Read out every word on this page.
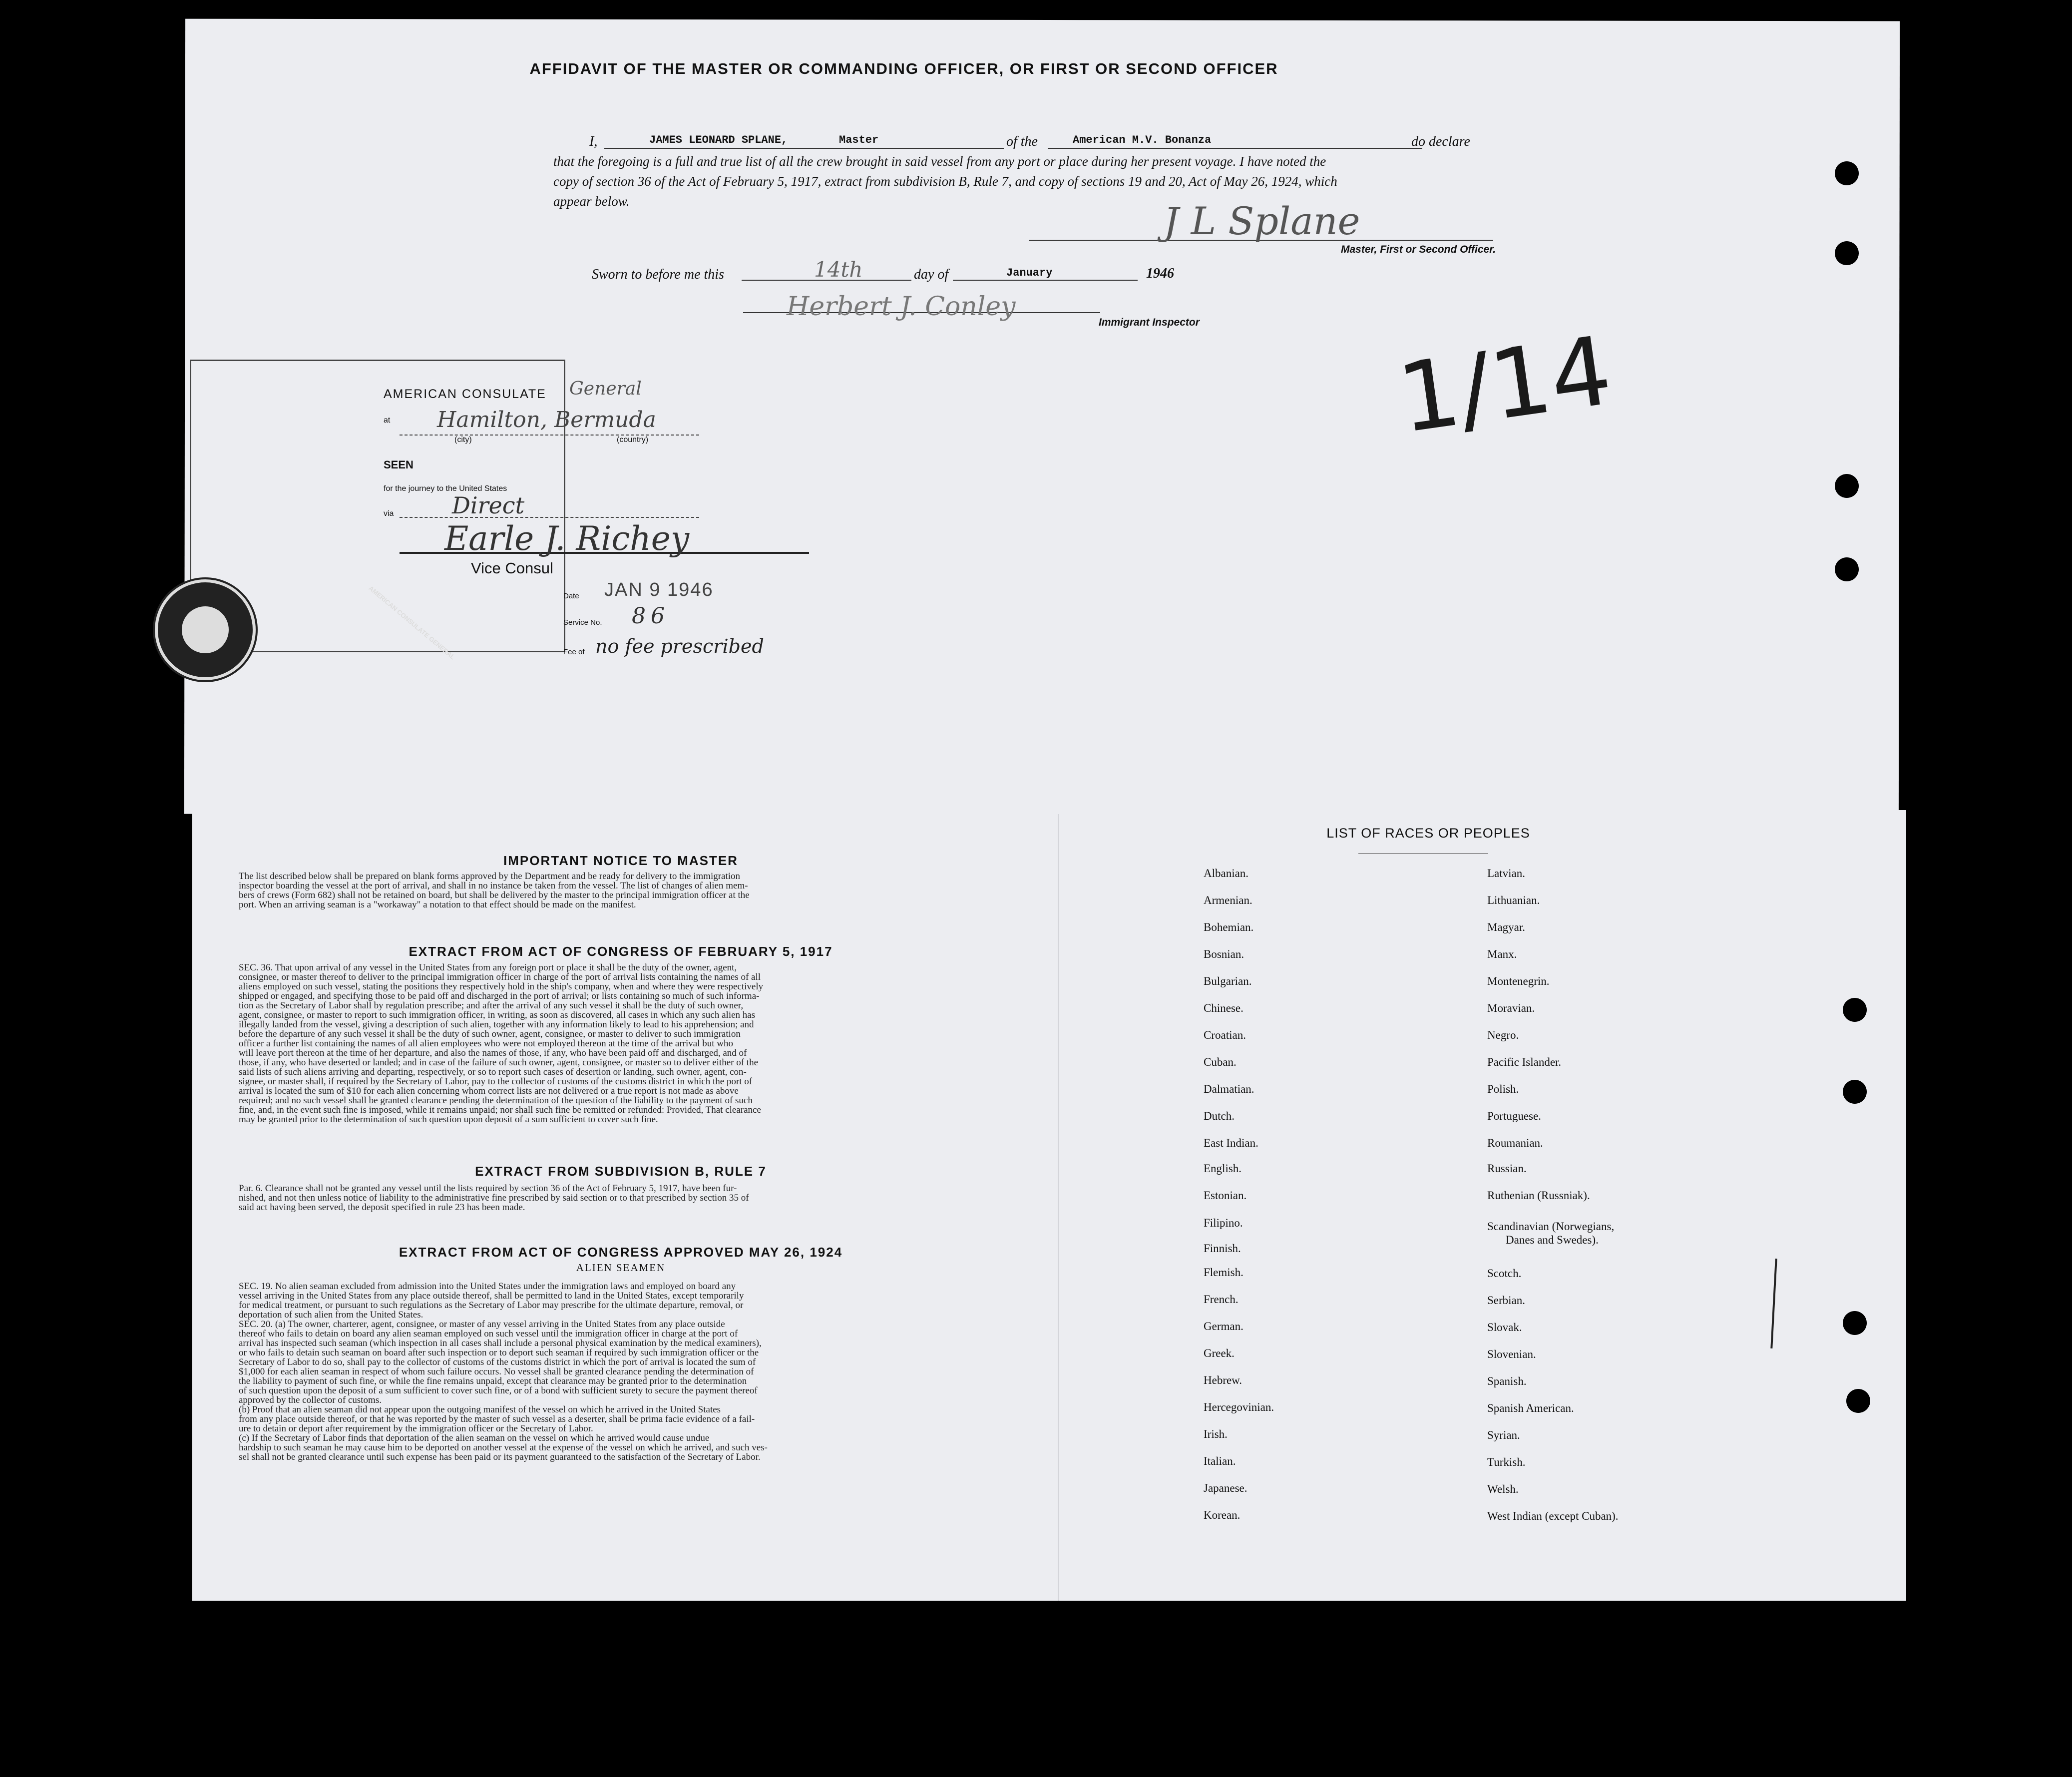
AFFIDAVIT OF THE MASTER OR COMMANDING OFFICER, OR FIRST OR SECOND OFFICER
I,	JAMES LEONARD SPLANE,	Master	of the	American M.V. Bonanza	do declare
that the foregoing is a full and true list of all the crew brought in said vessel from any port or place during her present voyage. I have noted the
copy of section 36 of the Act of February 5, 1917, extract from subdivision B, Rule 7, and copy of sections 19 and 20, Act of May 26, 1924, which
appear below.	J L Splane
Master, First or Second Officer.
Sworn to before me this	14th	day of	January	1946
Herbert J. Conley
Immigrant Inspector 1/14
AMERICAN CONSULATE General
at Hamilton, Bermuda
(city)	(country)
SEEN
for the journey to the United States
via	Direct
Earle J. Richey
Vice Consul
Date JAN 9 1946
Service No. 86
Fee of no fee prescribed
AMERICAN CONSULATE GENERAL
IMPORTANT NOTICE TO MASTER
The list described below shall be prepared on blank forms approved by the Department and be ready for delivery to the immigration
inspector boarding the vessel at the port of arrival, and shall in no instance be taken from the vessel. The list of changes of alien mem-
bers of crews (Form 682) shall not be retained on board, but shall be delivered by the master to the principal immigration officer at the
port. When an arriving seaman is a "workaway" a notation to that effect should be made on the manifest.
EXTRACT FROM ACT OF CONGRESS OF FEBRUARY 5, 1917
SEC. 36. That upon arrival of any vessel in the United States from any foreign port or place it shall be the duty of the owner, agent,
consignee, or master thereof to deliver to the principal immigration officer in charge of the port of arrival lists containing the names of all
aliens employed on such vessel, stating the positions they respectively hold in the ship's company, when and where they were respectively
shipped or engaged, and specifying those to be paid off and discharged in the port of arrival; or lists containing so much of such informa-
tion as the Secretary of Labor shall by regulation prescribe; and after the arrival of any such vessel it shall be the duty of such owner,
agent, consignee, or master to report to such immigration officer, in writing, as soon as discovered, all cases in which any such alien has
illegally landed from the vessel, giving a description of such alien, together with any information likely to lead to his apprehension; and
before the departure of any such vessel it shall be the duty of such owner, agent, consignee, or master to deliver to such immigration
officer a further list containing the names of all alien employees who were not employed thereon at the time of the arrival but who
will leave port thereon at the time of her departure, and also the names of those, if any, who have been paid off and discharged, and of
those, if any, who have deserted or landed; and in case of the failure of such owner, agent, consignee, or master so to deliver either of the
said lists of such aliens arriving and departing, respectively, or so to report such cases of desertion or landing, such owner, agent, con-
signee, or master shall, if required by the Secretary of Labor, pay to the collector of customs of the customs district in which the port of
arrival is located the sum of $10 for each alien concerning whom correct lists are not delivered or a true report is not made as above
required; and no such vessel shall be granted clearance pending the determination of the question of the liability to the payment of such
fine, and, in the event such fine is imposed, while it remains unpaid; nor shall such fine be remitted or refunded: Provided, That clearance
may be granted prior to the determination of such question upon deposit of a sum sufficient to cover such fine.
EXTRACT FROM SUBDIVISION B, RULE 7
Par. 6. Clearance shall not be granted any vessel until the lists required by section 36 of the Act of February 5, 1917, have been fur-
nished, and not then unless notice of liability to the administrative fine prescribed by said section or to that prescribed by section 35 of
said act having been served, the deposit specified in rule 23 has been made.
EXTRACT FROM ACT OF CONGRESS APPROVED MAY 26, 1924
ALIEN SEAMEN
SEC. 19. No alien seaman excluded from admission into the United States under the immigration laws and employed on board any
vessel arriving in the United States from any place outside thereof, shall be permitted to land in the United States, except temporarily
for medical treatment, or pursuant to such regulations as the Secretary of Labor may prescribe for the ultimate departure, removal, or
deportation of such alien from the United States.
SEC. 20. (a) The owner, charterer, agent, consignee, or master of any vessel arriving in the United States from any place outside
thereof who fails to detain on board any alien seaman employed on such vessel until the immigration officer in charge at the port of
arrival has inspected such seaman (which inspection in all cases shall include a personal physical examination by the medical examiners),
or who fails to detain such seaman on board after such inspection or to deport such seaman if required by such immigration officer or the
Secretary of Labor to do so, shall pay to the collector of customs of the customs district in which the port of arrival is located the sum of
$1,000 for each alien seaman in respect of whom such failure occurs. No vessel shall be granted clearance pending the determination of
the liability to payment of such fine, or while the fine remains unpaid, except that clearance may be granted prior to the determination
of such question upon the deposit of a sum sufficient to cover such fine, or of a bond with sufficient surety to secure the payment thereof
approved by the collector of customs.
(b) Proof that an alien seaman did not appear upon the outgoing manifest of the vessel on which he arrived in the United States
from any place outside thereof, or that he was reported by the master of such vessel as a deserter, shall be prima facie evidence of a fail-
ure to detain or deport after requirement by the immigration officer or the Secretary of Labor.
(c) If the Secretary of Labor finds that deportation of the alien seaman on the vessel on which he arrived would cause undue
hardship to such seaman he may cause him to be deported on another vessel at the expense of the vessel on which he arrived, and such ves-
sel shall not be granted clearance until such expense has been paid or its payment guaranteed to the satisfaction of the Secretary of Labor.
LIST OF RACES OR PEOPLES
Albanian.
Armenian.
Bohemian.
Bosnian.
Bulgarian.
Chinese.
Croatian.
Cuban.
Dalmatian.
Dutch.
East Indian.
English.
Estonian.
Filipino.
Finnish.
Flemish.
French.
German.
Greek.
Hebrew.
Hercegovinian.
Irish.
Italian.
Japanese.
Korean.
Latvian.
Lithuanian.
Magyar.
Manx.
Montenegrin.
Moravian.
Negro.
Pacific Islander.
Polish.
Portuguese.
Roumanian.
Russian.
Ruthenian (Russniak).
Scandinavian (Norwegians,
Danes and Swedes).
Scotch.
Serbian.
Slovak.
Slovenian.
Spanish.
Spanish American.
Syrian.
Turkish.
Welsh.
West Indian (except Cuban).
